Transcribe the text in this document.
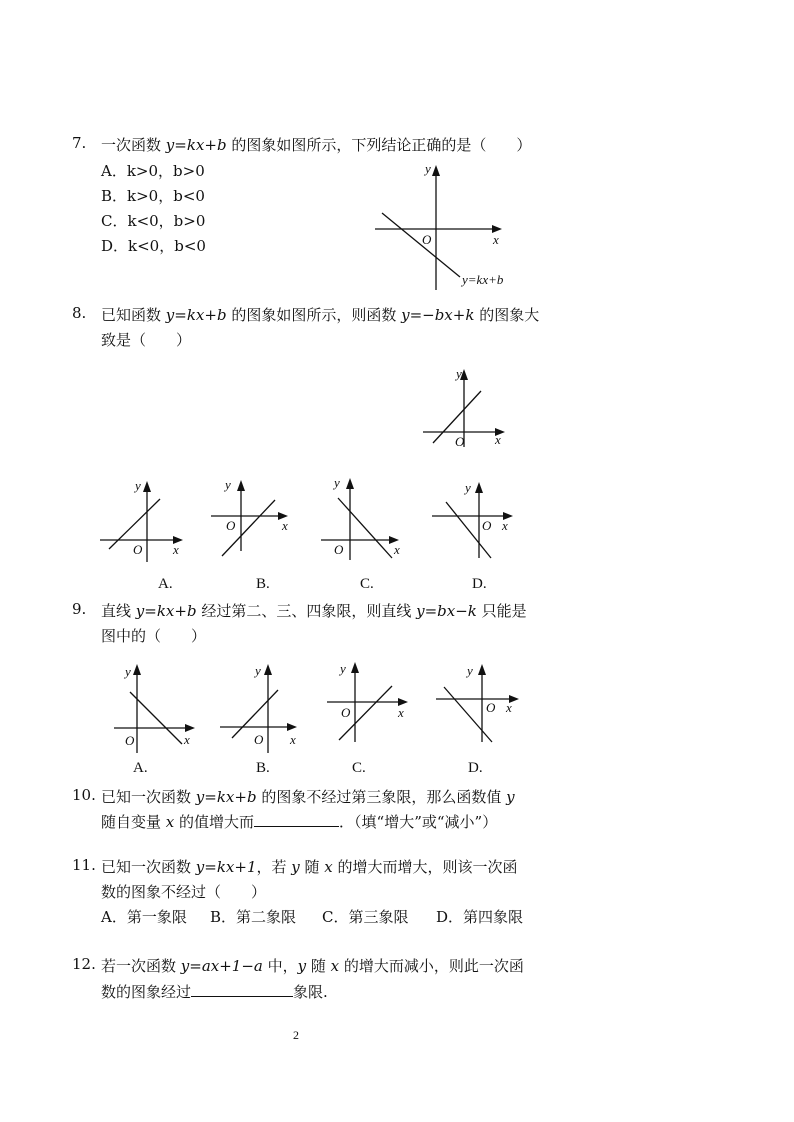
7. 一次函数 y=kx+b 的图象如图所示，下列结论正确的是（　　）
A．k>0，b>0
B．k>0，b<0
C．k<0，b>0
D．k<0，b<0
y
O	x
y=kx+b
8. 已知函数 y=kx+b 的图象如图所示，则函数 y=−bx+k 的图象大
致是（　　）
y
O x
y
O x
y
O	x
y
O	x
y
O x
A.	B.	C.	D.
9. 直线 y=kx+b 经过第二、三、四象限，则直线 y=bx−k 只能是
图中的（　　）
y
O	x
y
O x
y
O	x
y
O x
A.	B.	C.	D.
10. 已知一次函数 y=kx+b 的图象不经过第三象限，那么函数值 y
随自变量 x 的值增大而	．（填“增大”或“减小”）
11. 已知一次函数 y=kx+1，若 y 随 x 的增大而增大，则该一次函
数的图象不经过（　　）
A．第一象限 B．第二象限 C．第三象限 D．第四象限
12. 若一次函数 y=ax+1−a 中，y 随 x 的增大而减小，则此一次函
数的图象经过	象限.
2
